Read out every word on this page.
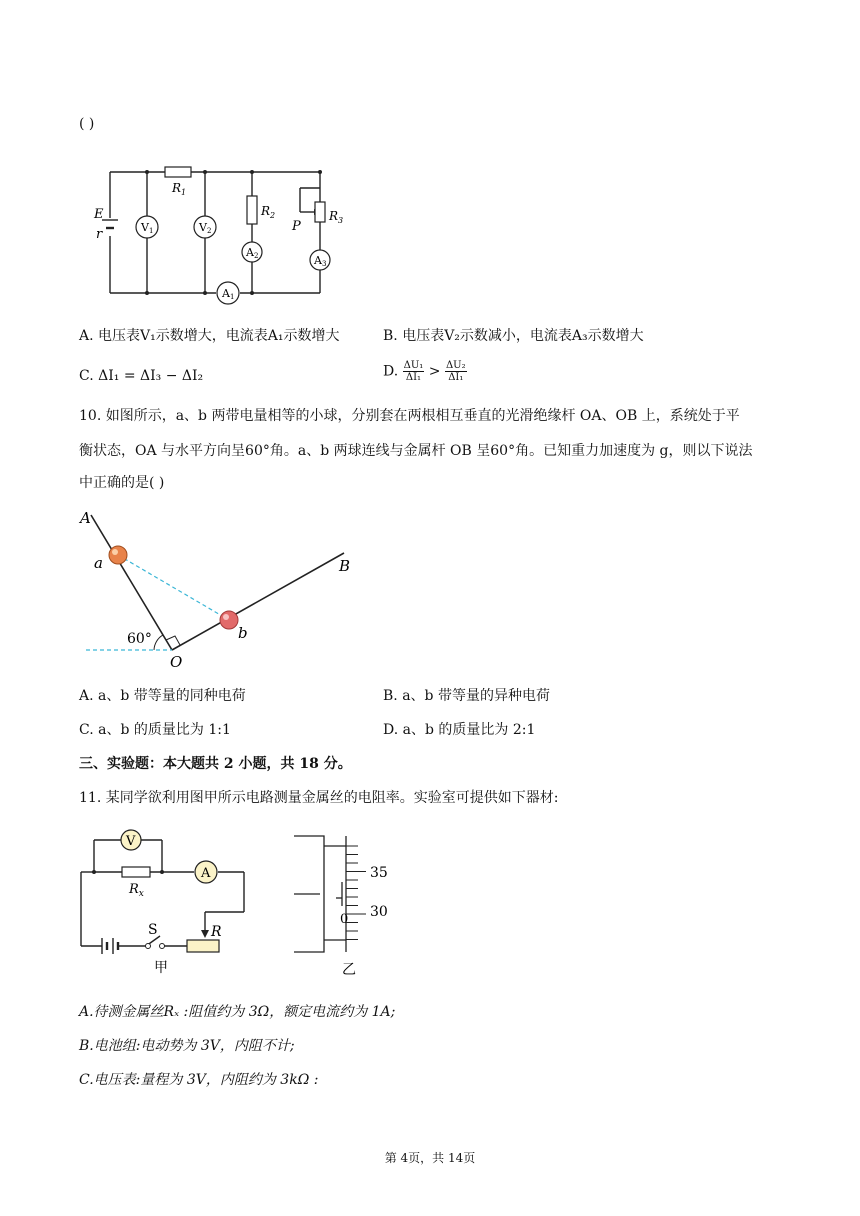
( )
E
r
$R_1$
$R_2$	$R_3$
P
V1	V2
A2	A3
A1
A. 电压表V₁示数增大，电流表A₁示数增大	B. 电压表V₂示数减小，电流表A₃示数增大
C. ΔI₁ = ΔI₃ − ΔI₂	D. $\frac{\text{ΔU₁}}{\text{ΔI₁}} > \frac{\text{ΔU₂}}{\text{ΔI₁}}$
10. 如图所示，a、b 两带电量相等的小球，分别套在两根相互垂直的光滑绝缘杆 OA、OB 上，系统处于平
衡状态，OA 与水平方向呈60°角。a、b 两球连线与金属杆 OB 呈60°角。已知重力加速度为 g，则以下说法
中正确的是( )
A
B
a
b
O
60°
A. a、b 带等量的同种电荷	B. a、b 带等量的异种电荷
C. a、b 的质量比为 1:1	D. a、b 的质量比为 2:1
三、实验题：本大题共 2 小题，共 18 分。
11. 某同学欲利用图甲所示电路测量金属丝的电阻率。实验室可提供如下器材:
V
A
$R_x$
S	R
甲
35
30
0
乙
A.待测金属丝Rₓ :阻值约为 3Ω，额定电流约为 1A;
B.电池组:电动势为 3V，内阻不计;
C.电压表:量程为 3V，内阻约为 3kΩ :
第 4页，共 14页
